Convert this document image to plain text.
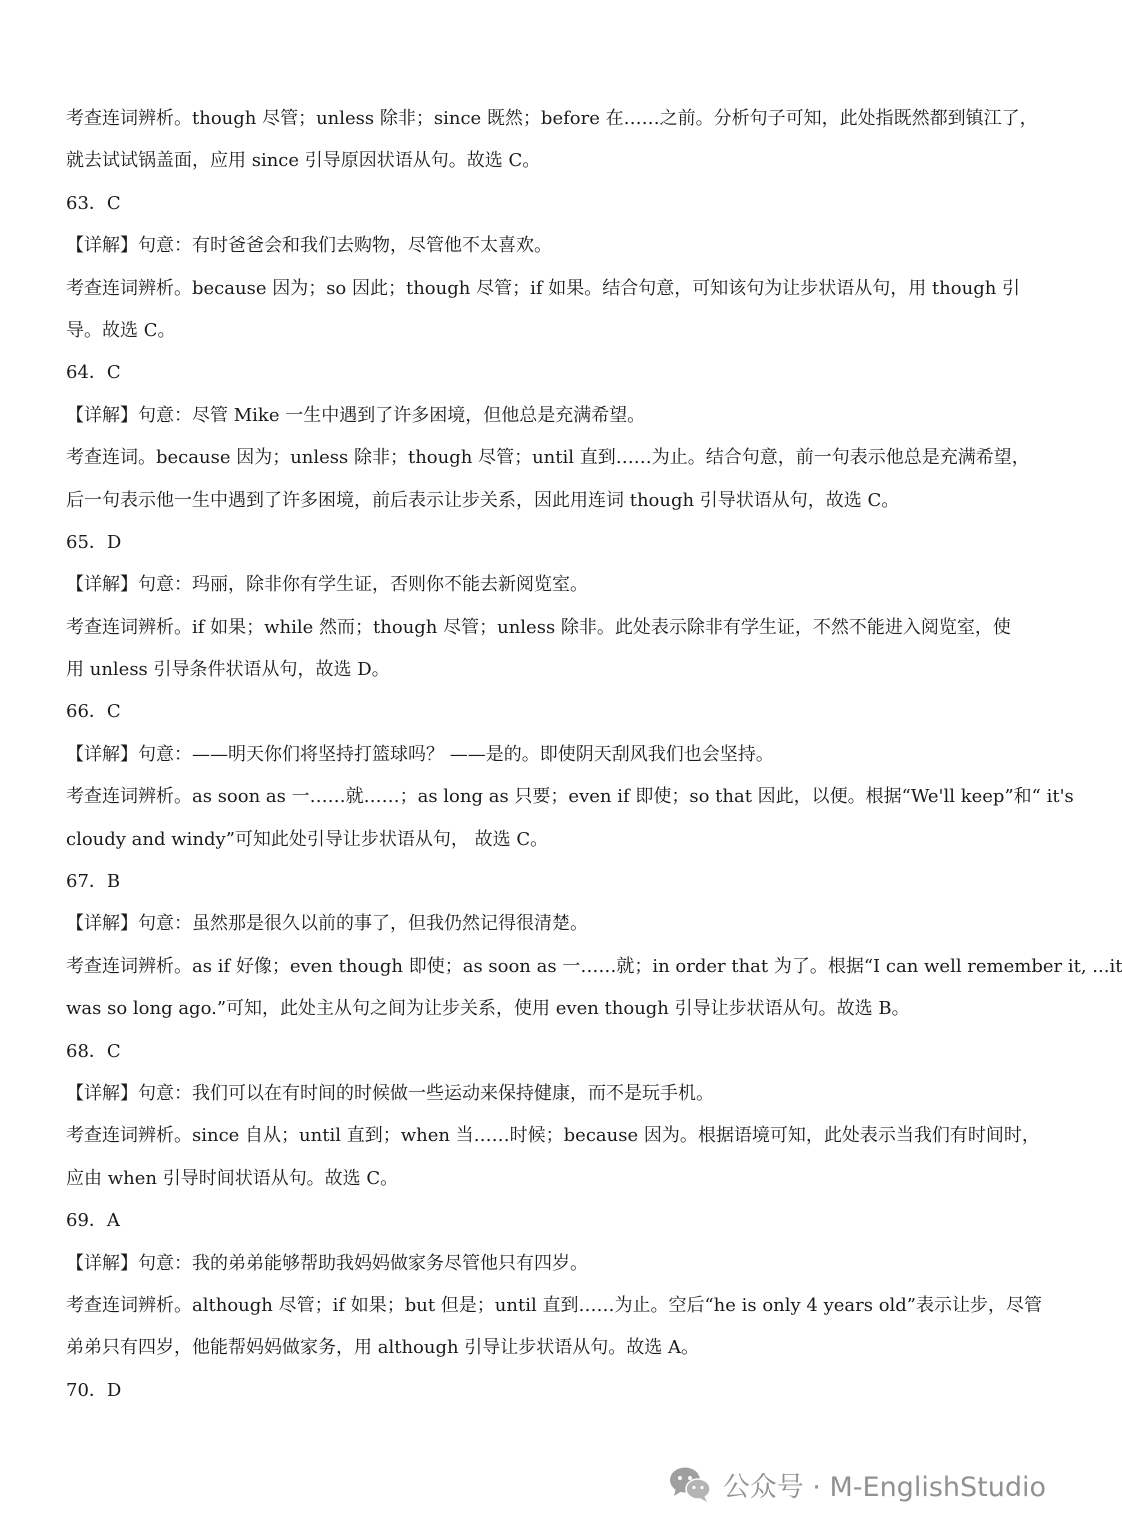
考查连词辨析。though 尽管；unless 除非；since 既然；before 在……之前。分析句子可知，此处指既然都到镇江了，
就去试试锅盖面，应用 since 引导原因状语从句。故选 C。
63．C
【详解】句意：有时爸爸会和我们去购物，尽管他不太喜欢。
考查连词辨析。because 因为；so 因此；though 尽管；if 如果。结合句意，可知该句为让步状语从句，用 though 引
导。故选 C。
64．C
【详解】句意：尽管 Mike 一生中遇到了许多困境，但他总是充满希望。
考查连词。because 因为；unless 除非；though 尽管；until 直到……为止。结合句意，前一句表示他总是充满希望，
后一句表示他一生中遇到了许多困境，前后表示让步关系，因此用连词 though 引导状语从句，故选 C。
65．D
【详解】句意：玛丽，除非你有学生证，否则你不能去新阅览室。
考查连词辨析。if 如果；while 然而；though 尽管；unless 除非。此处表示除非有学生证，不然不能进入阅览室，使
用 unless 引导条件状语从句，故选 D。
66．C
【详解】句意：——明天你们将坚持打篮球吗？ ——是的。即使阴天刮风我们也会坚持。
考查连词辨析。as soon as 一……就……；as long as 只要；even if 即使；so that 因此，以便。根据“We'll keep”和“ it's
cloudy and windy”可知此处引导让步状语从句， 故选 C。
67．B
【详解】句意：虽然那是很久以前的事了，但我仍然记得很清楚。
考查连词辨析。as if 好像；even though 即使；as soon as 一……就；in order that 为了。根据“I can well remember it, ...it
was so long ago.”可知，此处主从句之间为让步关系，使用 even though 引导让步状语从句。故选 B。
68．C
【详解】句意：我们可以在有时间的时候做一些运动来保持健康，而不是玩手机。
考查连词辨析。since 自从；until 直到；when 当……时候；because 因为。根据语境可知，此处表示当我们有时间时，
应由 when 引导时间状语从句。故选 C。
69．A
【详解】句意：我的弟弟能够帮助我妈妈做家务尽管他只有四岁。
考查连词辨析。although 尽管；if 如果；but 但是；until 直到……为止。空后“he is only 4 years old”表示让步，尽管
弟弟只有四岁，他能帮妈妈做家务，用 although 引导让步状语从句。故选 A。
70．D
公众号 · M-EnglishStudio
